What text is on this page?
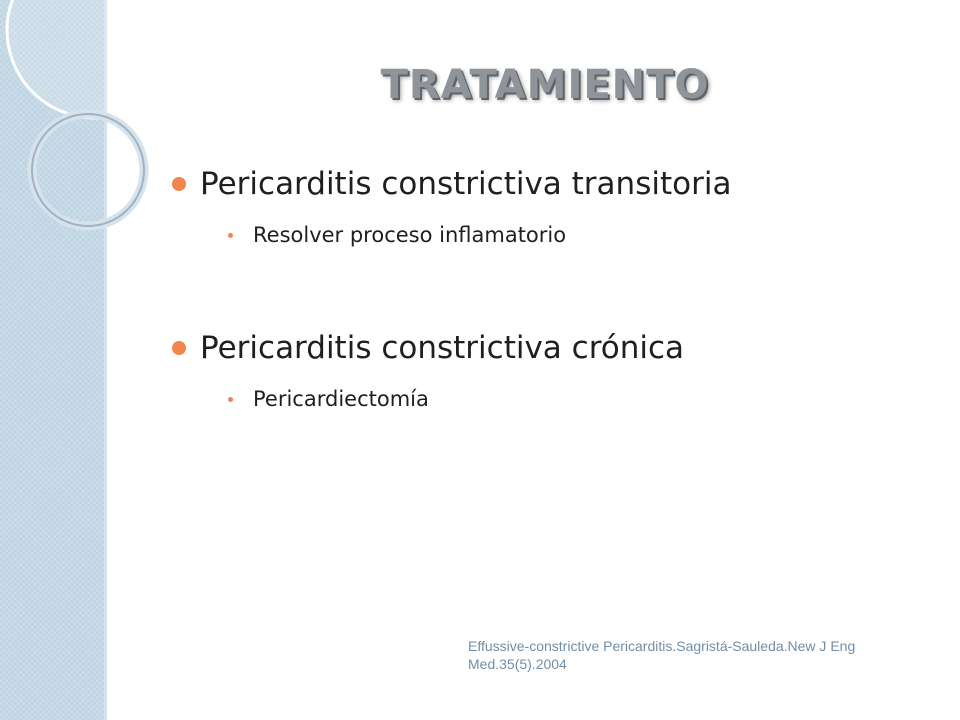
TRATAMIENTO
Pericarditis constrictiva transitoria
Resolver proceso inflamatorio
Pericarditis constrictiva crónica
Pericardiectomía
Effussive-constrictive Pericarditis.Sagristá-Sauleda.New J Eng Med.35(5).2004
